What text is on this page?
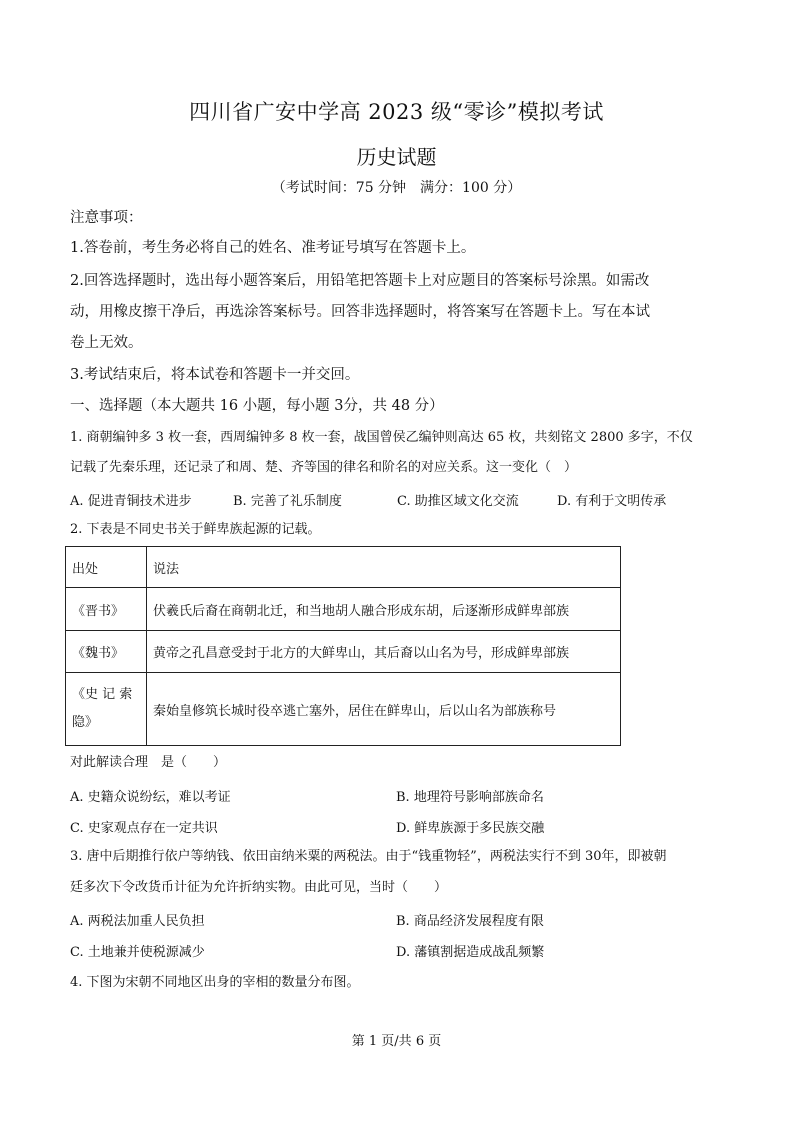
四川省广安中学高 2023 级“零诊”模拟考试
历史试题
（考试时间：75 分钟　满分：100 分）
注意事项：
1.答卷前，考生务必将自己的姓名、准考证号填写在答题卡上。
2.回答选择题时，选出每小题答案后，用铅笔把答题卡上对应题目的答案标号涂黑。如需改
动，用橡皮擦干净后，再选涂答案标号。回答非选择题时，将答案写在答题卡上。写在本试
卷上无效。
3.考试结束后，将本试卷和答题卡一并交回。
一、选择题（本大题共 16 小题，每小题 3分，共 48 分）
1. 商朝编钟多 3 枚一套，西周编钟多 8 枚一套，战国曾侯乙编钟则高达 65 枚，共刻铭文 2800 多字，不仅
记载了先秦乐理，还记录了和周、楚、齐等国的律名和阶名的对应关系。这一变化（　）
A. 促进青铜技术进步	B. 完善了礼乐制度	C. 助推区域文化交流	D. 有利于文明传承
2. 下表是不同史书关于鲜卑族起源的记载。
出处	说法
《晋书》	伏羲氏后裔在商朝北迁，和当地胡人融合形成东胡，后逐渐形成鲜卑部族
《魏书》	黄帝之孔昌意受封于北方的大鲜卑山，其后裔以山名为号，形成鲜卑部族

《史 记 索
隐》	秦始皇修筑长城时役卒逃亡塞外，居住在鲜卑山，后以山名为部族称号
对此解读合理　是（　　）
A. 史籍众说纷纭，难以考证	B. 地理符号影响部族命名
C. 史家观点存在一定共识	D. 鲜卑族源于多民族交融
3. 唐中后期推行依户等纳钱、依田亩纳米粟的两税法。由于“钱重物轻”，两税法实行不到 30年，即被朝
廷多次下令改货币计征为允许折纳实物。由此可见，当时（　　）
A. 两税法加重人民负担	B. 商品经济发展程度有限
C. 土地兼并使税源减少	D. 藩镇割据造成战乱频繁
4. 下图为宋朝不同地区出身的宰相的数量分布图。
第 1 页/共 6 页
